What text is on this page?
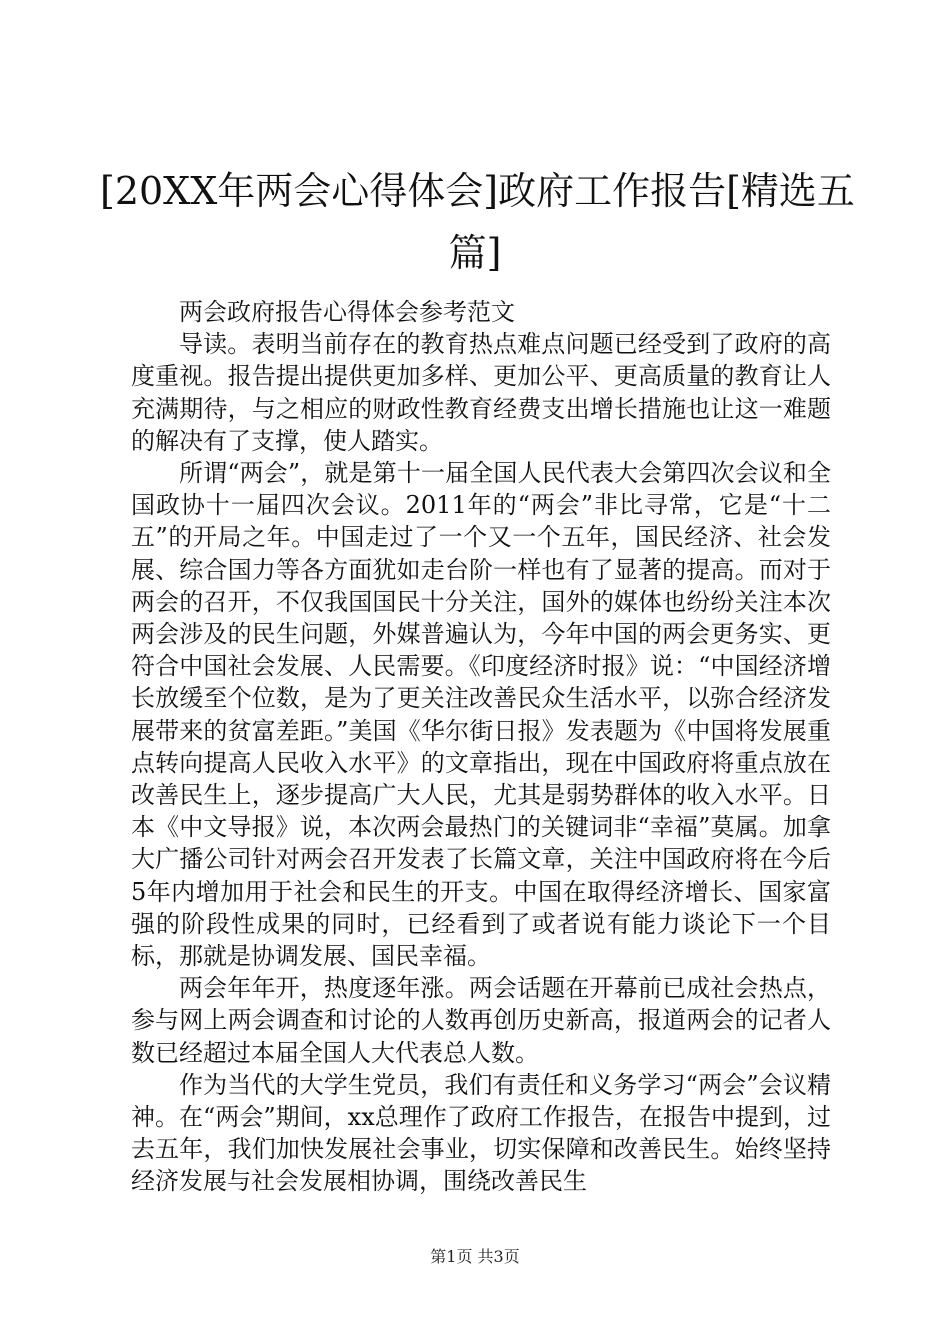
[20XX年两会心得体会]政府工作报告[精选五
篇]

两会政府报告心得体会参考范文

导读。表明当前存在的教育热点难点问题已经受到了政府的高度重视。报告提出提供更加多样、更加公平、更高质量的教育让人充满期待，与之相应的财政性教育经费支出增长措施也让这一难题的解决有了支撑，使人踏实。

所谓“两会”，就是第十一届全国人民代表大会第四次会议和全国政协十一届四次会议。2011年的“两会”非比寻常，它是“十二五”的开局之年。中国走过了一个又一个五年，国民经济、社会发展、综合国力等各方面犹如走台阶一样也有了显著的提高。而对于两会的召开，不仅我国国民十分关注，国外的媒体也纷纷关注本次两会涉及的民生问题，外媒普遍认为，今年中国的两会更务实、更符合中国社会发展、人民需要。《印度经济时报》说：“中国经济增长放缓至个位数，是为了更关注改善民众生活水平，以弥合经济发展带来的贫富差距。”美国《华尔街日报》发表题为《中国将发展重点转向提高人民收入水平》的文章指出，现在中国政府将重点放在改善民生上，逐步提高广大人民，尤其是弱势群体的收入水平。日本《中文导报》说，本次两会最热门的关键词非“幸福”莫属。加拿大广播公司针对两会召开发表了长篇文章，关注中国政府将在今后5年内增加用于社会和民生的开支。中国在取得经济增长、国家富强的阶段性成果的同时，已经看到了或者说有能力谈论下一个目标，那就是协调发展、国民幸福。

两会年年开，热度逐年涨。两会话题在开幕前已成社会热点，参与网上两会调查和讨论的人数再创历史新高，报道两会的记者人数已经超过本届全国人大代表总人数。

作为当代的大学生党员，我们有责任和义务学习“两会”会议精神。在“两会”期间，xx总理作了政府工作报告，在报告中提到，过去五年，我们加快发展社会事业，切实保障和改善民生。始终坚持经济发展与社会发展相协调，围绕改善民生

第1页 共3页
